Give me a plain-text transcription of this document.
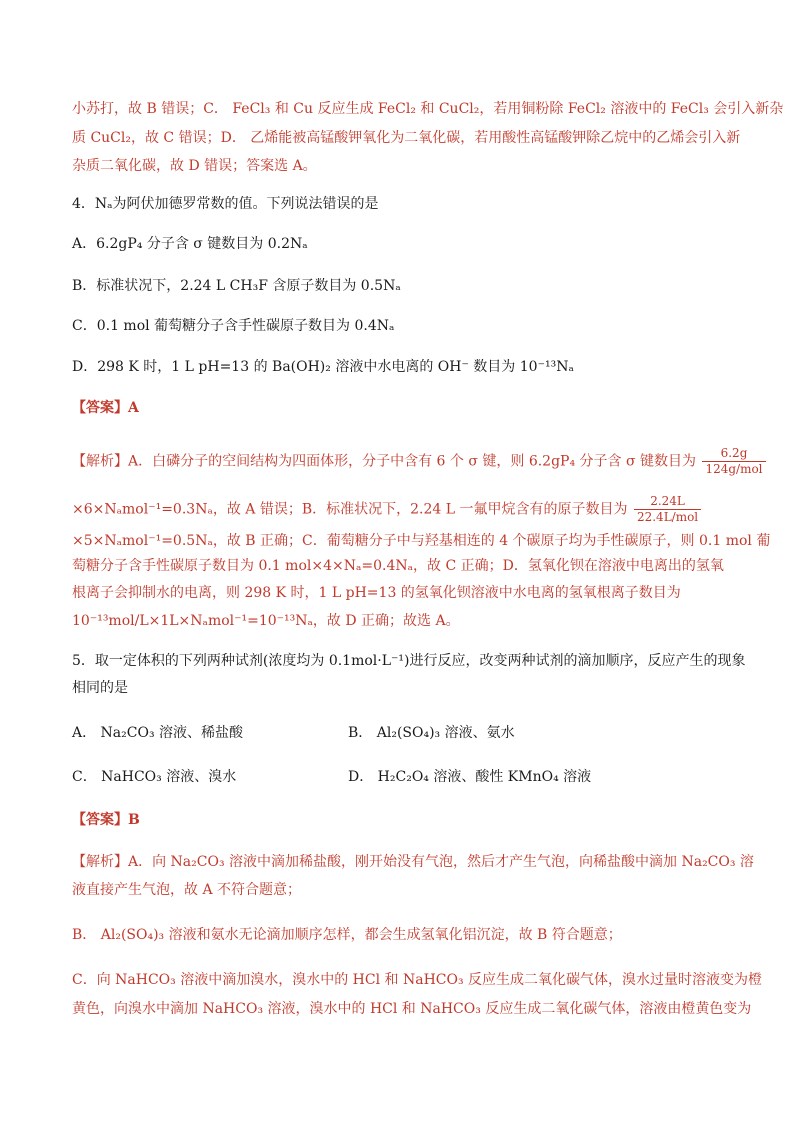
小苏打，故 B 错误；C． FeCl₃ 和 Cu 反应生成 FeCl₂ 和 CuCl₂，若用铜粉除 FeCl₂ 溶液中的 FeCl₃ 会引入新杂
质 CuCl₂，故 C 错误；D． 乙烯能被高锰酸钾氧化为二氧化碳，若用酸性高锰酸钾除乙烷中的乙烯会引入新
杂质二氧化碳，故 D 错误；答案选 A。
4．Nₐ为阿伏加德罗常数的值。下列说法错误的是
A．6.2gP₄ 分子含 σ 键数目为 0.2Nₐ
B．标准状况下，2.24 L CH₃F 含原子数目为 0.5Nₐ
C．0.1 mol 葡萄糖分子含手性碳原子数目为 0.4Nₐ
D．298 K 时，1 L pH=13 的 Ba(OH)₂ 溶液中水电离的 OH⁻ 数目为 10⁻¹³Nₐ
【答案】A
【解析】A．白磷分子的空间结构为四面体形，分子中含有 6 个 σ 键，则 6.2gP₄ 分子含 σ 键数目为 $\frac{6.2g}{\text{124g/mol}}$
×6×Nₐmol⁻¹=0.3Nₐ，故 A 错误；B．标准状况下，2.24 L 一氟甲烷含有的原子数目为 $\frac{2.24L}{\text{22.4L/mol}}$
×5×Nₐmol⁻¹=0.5Nₐ，故 B 正确；C．葡萄糖分子中与羟基相连的 4 个碳原子均为手性碳原子，则 0.1 mol 葡
萄糖分子含手性碳原子数目为 0.1 mol×4×Nₐ=0.4Nₐ，故 C 正确；D．氢氧化钡在溶液中电离出的氢氧
根离子会抑制水的电离，则 298 K 时，1 L pH=13 的氢氧化钡溶液中水电离的氢氧根离子数目为
10⁻¹³mol/L×1L×Nₐmol⁻¹=10⁻¹³Nₐ，故 D 正确；故选 A。
5．取一定体积的下列两种试剂(浓度均为 0.1mol·L⁻¹)进行反应，改变两种试剂的滴加顺序，反应产生的现象
相同的是
A． Na₂CO₃ 溶液、稀盐酸	B． Al₂(SO₄)₃ 溶液、氨水
C． NaHCO₃ 溶液、溴水	D． H₂C₂O₄ 溶液、酸性 KMnO₄ 溶液
【答案】B
【解析】A．向 Na₂CO₃ 溶液中滴加稀盐酸，刚开始没有气泡，然后才产生气泡，向稀盐酸中滴加 Na₂CO₃ 溶
液直接产生气泡，故 A 不符合题意；
B． Al₂(SO₄)₃ 溶液和氨水无论滴加顺序怎样，都会生成氢氧化铝沉淀，故 B 符合题意；
C．向 NaHCO₃ 溶液中滴加溴水，溴水中的 HCl 和 NaHCO₃ 反应生成二氧化碳气体，溴水过量时溶液变为橙
黄色，向溴水中滴加 NaHCO₃ 溶液，溴水中的 HCl 和 NaHCO₃ 反应生成二氧化碳气体，溶液由橙黄色变为
